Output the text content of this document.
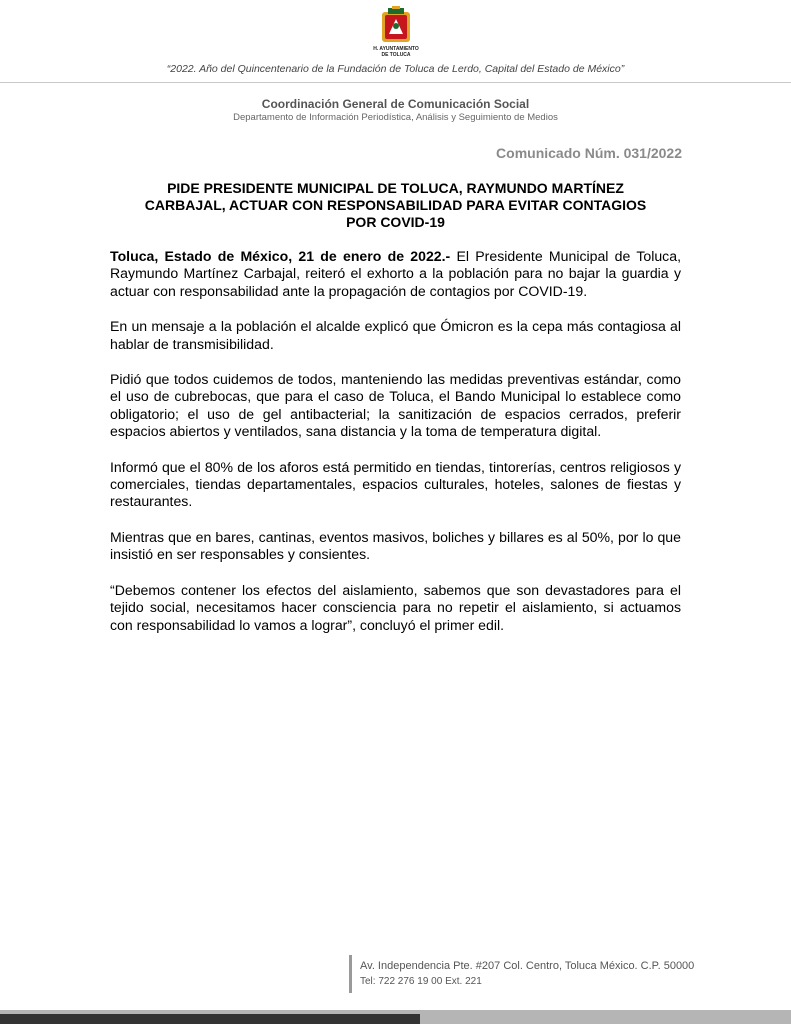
H. AYUNTAMIENTO
DE TOLUCA
“2022. Año del Quincentenario de la Fundación de Toluca de Lerdo, Capital del Estado de México”
Coordinación General de Comunicación Social
Departamento de Información Periodística, Análisis y Seguimiento de Medios
Comunicado Núm. 031/2022
PIDE PRESIDENTE MUNICIPAL DE TOLUCA, RAYMUNDO MARTÍNEZ CARBAJAL, ACTUAR CON RESPONSABILIDAD PARA EVITAR CONTAGIOS POR COVID-19

Toluca, Estado de México, 21 de enero de 2022.- El Presidente Municipal de Toluca, Raymundo Martínez Carbajal, reiteró el exhorto a la población para no bajar la guardia y actuar con responsabilidad ante la propagación de contagios por COVID-19.

En un mensaje a la población el alcalde explicó que Ómicron es la cepa más contagiosa al hablar de transmisibilidad.

Pidió que todos cuidemos de todos, manteniendo las medidas preventivas estándar, como el uso de cubrebocas, que para el caso de Toluca, el Bando Municipal lo establece como obligatorio; el uso de gel antibacterial; la sanitización de espacios cerrados, preferir espacios abiertos y ventilados, sana distancia y la toma de temperatura digital.

Informó que el 80% de los aforos está permitido en tiendas, tintorerías, centros religiosos y comerciales, tiendas departamentales, espacios culturales, hoteles, salones de fiestas y restaurantes.

Mientras que en bares, cantinas, eventos masivos, boliches y billares es al 50%, por lo que insistió en ser responsables y consientes.

“Debemos contener los efectos del aislamiento, sabemos que son devastadores para el tejido social, necesitamos hacer consciencia para no repetir el aislamiento, si actuamos con responsabilidad lo vamos a lograr”, concluyó el primer edil.

Av. Independencia Pte. #207 Col. Centro, Toluca México. C.P. 50000
Tel: 722 276 19 00 Ext. 221
